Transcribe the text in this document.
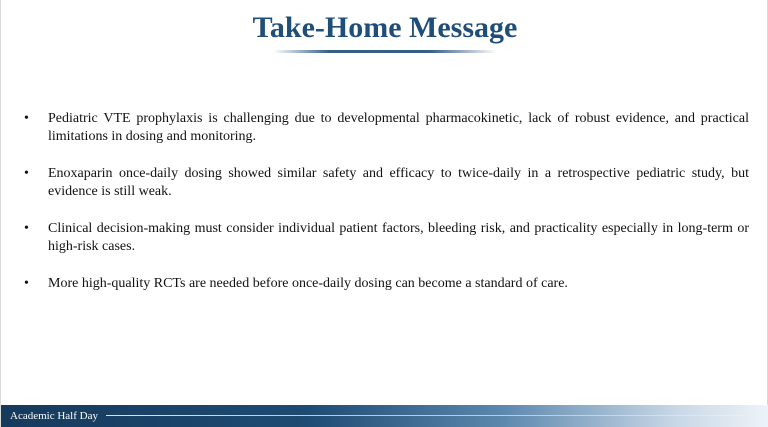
Take-Home Message
• Pediatric VTE prophylaxis is challenging due to developmental pharmacokinetic, lack of robust evidence, and practical limitations in dosing and monitoring.
• Enoxaparin once-daily dosing showed similar safety and efficacy to twice-daily in a retrospective pediatric study, but evidence is still weak.
• Clinical decision-making must consider individual patient factors, bleeding risk, and practicality especially in long-term or high-risk cases.
• More high-quality RCTs are needed before once-daily dosing can become a standard of care.
Academic Half Day
